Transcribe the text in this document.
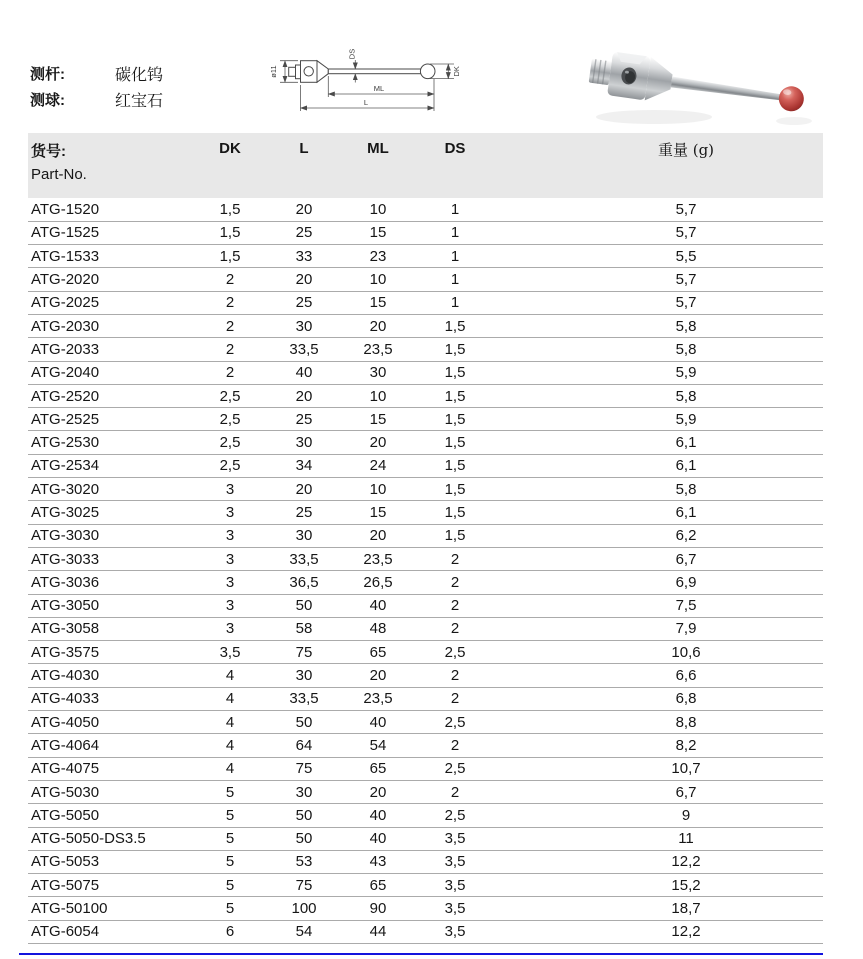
测杆:	碳化钨
测球:	红宝石
ø11
DS
DK
ML
L
货号:
Part-No.	DK	L	ML	DS	重量 (g)
ATG-1520	1,5	20	10	1	5,7
ATG-1525	1,5	25	15	1	5,7
ATG-1533	1,5	33	23	1	5,5
ATG-2020	2	20	10	1	5,7
ATG-2025	2	25	15	1	5,7
ATG-2030	2	30	20	1,5	5,8
ATG-2033	2	33,5	23,5	1,5	5,8
ATG-2040	2	40	30	1,5	5,9
ATG-2520	2,5	20	10	1,5	5,8
ATG-2525	2,5	25	15	1,5	5,9
ATG-2530	2,5	30	20	1,5	6,1
ATG-2534	2,5	34	24	1,5	6,1
ATG-3020	3	20	10	1,5	5,8
ATG-3025	3	25	15	1,5	6,1
ATG-3030	3	30	20	1,5	6,2
ATG-3033	3	33,5	23,5	2	6,7
ATG-3036	3	36,5	26,5	2	6,9
ATG-3050	3	50	40	2	7,5
ATG-3058	3	58	48	2	7,9
ATG-3575	3,5	75	65	2,5	10,6
ATG-4030	4	30	20	2	6,6
ATG-4033	4	33,5	23,5	2	6,8
ATG-4050	4	50	40	2,5	8,8
ATG-4064	4	64	54	2	8,2
ATG-4075	4	75	65	2,5	10,7
ATG-5030	5	30	20	2	6,7
ATG-5050	5	50	40	2,5	9
ATG-5050-DS3.5	5	50	40	3,5	11
ATG-5053	5	53	43	3,5	12,2
ATG-5075	5	75	65	3,5	15,2
ATG-50100	5	100	90	3,5	18,7
ATG-6054	6	54	44	3,5	12,2
